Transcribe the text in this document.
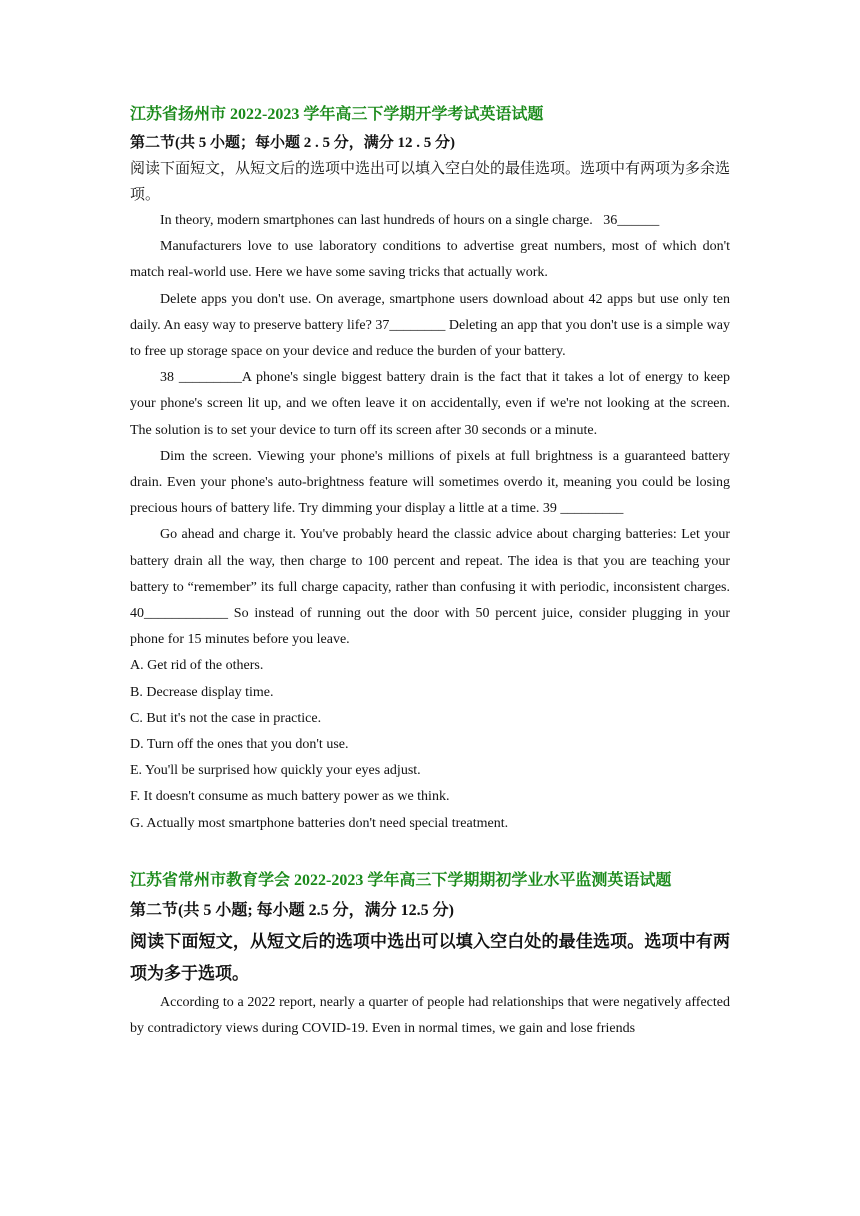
江苏省扬州市 2022-2023 学年高三下学期开学考试英语试题

第二节(共 5 小题；每小题 2 . 5 分，满分 12 . 5 分)

阅读下面短文，从短文后的选项中选出可以填入空白处的最佳选项。选项中有两项为多余选项。

In theory, modern smartphones can last hundreds of hours on a single charge.   36______

Manufacturers love to use laboratory conditions to advertise great numbers, most of which don't match real-world use. Here we have some saving tricks that actually work.

Delete apps you don't use. On average, smartphone users download about 42 apps but use only ten daily. An easy way to preserve battery life? 37________ Deleting an app that you don't use is a simple way to free up storage space on your device and reduce the burden of your battery.

38 _________A phone's single biggest battery drain is the fact that it takes a lot of energy to keep your phone's screen lit up, and we often leave it on accidentally, even if we're not looking at the screen. The solution is to set your device to turn off its screen after 30 seconds or a minute.

Dim the screen. Viewing your phone's millions of pixels at full brightness is a guaranteed battery drain. Even your phone's auto-brightness feature will sometimes overdo it, meaning you could be losing precious hours of battery life. Try dimming your display a little at a time. 39 _________

Go ahead and charge it. You've probably heard the classic advice about charging batteries: Let your battery drain all the way, then charge to 100 percent and repeat. The idea is that you are teaching your battery to “remember” its full charge capacity, rather than confusing it with periodic, inconsistent charges. 40____________ So instead of running out the door with 50 percent juice, consider plugging in your phone for 15 minutes before you leave.

A. Get rid of the others.

B. Decrease display time.

C. But it's not the case in practice.

D. Turn off the ones that you don't use.

E. You'll be surprised how quickly your eyes adjust.

F. It doesn't consume as much battery power as we think.

G. Actually most smartphone batteries don't need special treatment.

江苏省常州市教育学会 2022-2023 学年高三下学期期初学业水平监测英语试题

第二节(共 5 小题; 每小题 2.5 分，满分 12.5 分)

阅读下面短文，从短文后的选项中选出可以填入空白处的最佳选项。选项中有两项为多于选项。

According to a 2022 report, nearly a quarter of people had relationships that were negatively affected by contradictory views during COVID-19. Even in normal times, we gain and lose friends
